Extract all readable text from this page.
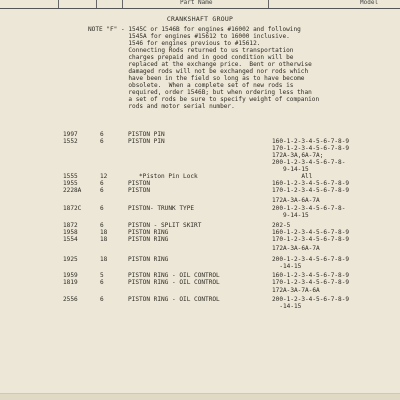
Part Name	Model
CRANKSHAFT GROUP
NOTE "F" - 1545C or 1546B for engines #16002 and following
1545A for engines #15612 to 16000 inclusive.
1546 for engines previous to #15612.
Connecting Rods returned to us transportation
charges prepaid and in good condition will be
replaced at the exchange price.  Bent or otherwise
damaged rods will not be exchanged nor rods which
have been in the field so long as to have become
obsolete.  When a complete set of new rods is
required, order 1546B; but when ordering less than
a set of rods be sure to specify weight of companion
rods and motor serial number.
1997	6	PISTON PIN
1552	6	PISTON PIN	160-1-2-3-4-5-6-7-8-9
170-1-2-3-4-5-6-7-8-9
172A-3A,6A-7A;
200-1-2-3-4-5-6-7-8-
9-14-15
1555	12	*Piston Pin Lock	All
1955	6	PISTON	160-1-2-3-4-5-6-7-8-9
2228A	6	PISTON	170-1-2-3-4-5-6-7-8-9
172A-3A-6A-7A
1872C	6	PISTON- TRUNK TYPE	200-1-2-3-4-5-6-7-8-
9-14-15
1872	6	PISTON - SPLIT SKIRT	202-5
1958	18	PISTON RING	160-1-2-3-4-5-6-7-8-9
1554	18	PISTON RING	170-1-2-3-4-5-6-7-8-9
172A-3A-6A-7A
1925	18	PISTON RING	200-1-2-3-4-5-6-7-8-9
-14-15
1959	5	PISTON RING - OIL CONTROL	160-1-2-3-4-5-6-7-8-9
1819	6	PISTON RING - OIL CONTROL	170-1-2-3-4-5-6-7-8-9
172A-3A-7A-6A
2556	6	PISTON RING - OIL CONTROL	200-1-2-3-4-5-6-7-8-9
-14-15
